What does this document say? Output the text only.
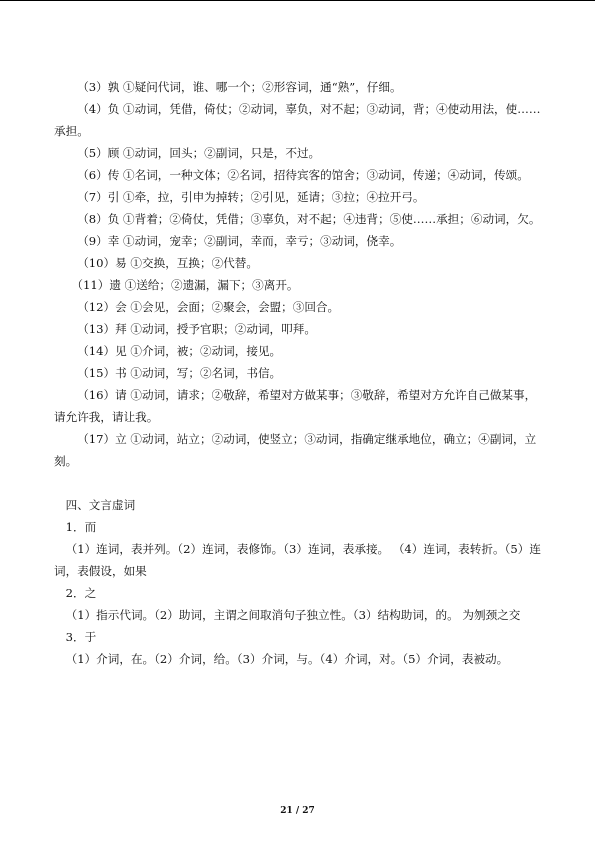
（3）孰 ①疑问代词，谁、哪一个；②形容词，通“熟”，仔细。

（4）负 ①动词，凭借，倚仗；②动词，辜负，对不起；③动词，背；④使动用法，使……承担。

（5）顾 ①动词，回头；②副词，只是，不过。

（6）传 ①名词，一种文体；②名词，招待宾客的馆舍；③动词，传递；④动词，传颂。

（7）引 ①牵，拉，引申为掉转；②引见，延请；③拉；④拉开弓。

（8）负 ①背着；②倚仗，凭借；③辜负，对不起；④违背；⑤使……承担；⑥动词，欠。

（9）幸 ①动词，宠幸；②副词，幸而，幸亏；③动词，侥幸。

（10）易 ①交换，互换；②代替。

（11）遗 ①送给；②遗漏，漏下；③离开。

（12）会 ①会见，会面；②聚会，会盟；③回合。

（13）拜 ①动词，授予官职；②动词，叩拜。

（14）见 ①介词，被；②动词，接见。

（15）书 ①动词，写；②名词，书信。

（16）请 ①动词，请求；②敬辞，希望对方做某事；③敬辞，希望对方允许自己做某事，请允许我，请让我。

（17）立 ①动词，站立；②动词，使竖立；③动词，指确定继承地位，确立；④副词，立刻。

四、文言虚词

1．而

（1）连词，表并列。（2）连词，表修饰。（3）连词，表承接。 （4）连词，表转折。（5）连词，表假设，如果

2．之

（1）指示代词。（2）助词，主谓之间取消句子独立性。（3）结构助词，的。 为刎颈之交

3．于

（1）介词，在。（2）介词，给。（3）介词，与。（4）介词，对。（5）介词，表被动。

21 / 27
